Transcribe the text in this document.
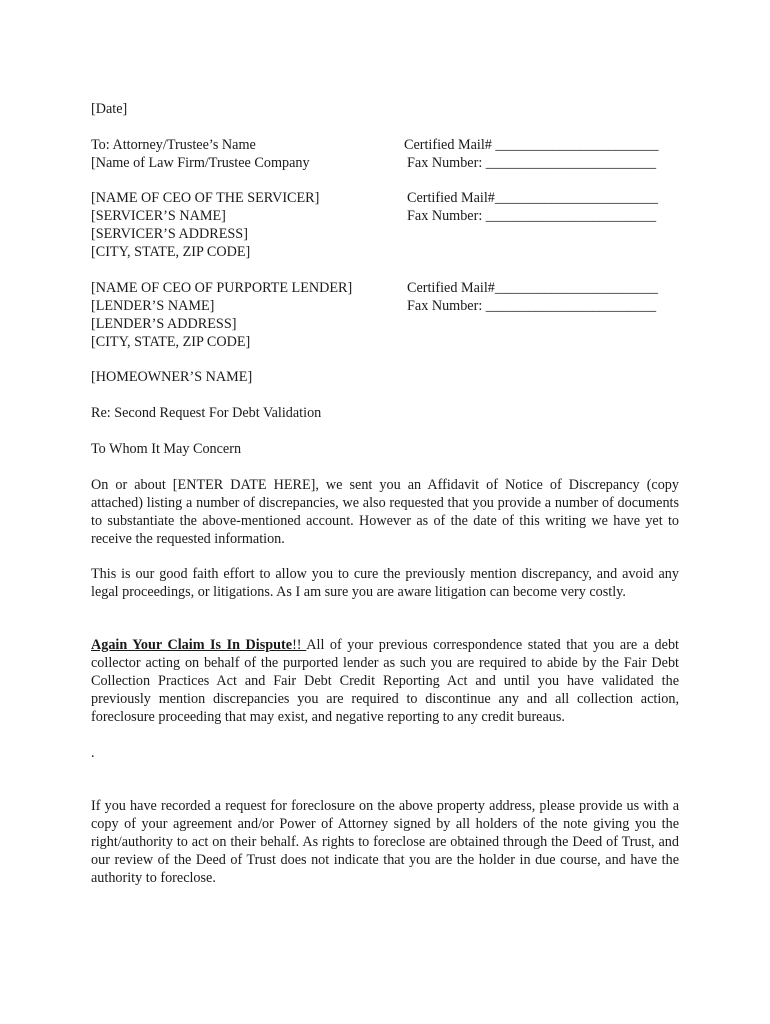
[Date]
To: Attorney/Trustee’s Name
[Name of Law Firm/Trustee Company
Certified Mail# _______________________
Fax Number: ________________________
[NAME OF CEO OF THE SERVICER]
[SERVICER’S NAME]
[SERVICER’S ADDRESS]
[CITY, STATE, ZIP CODE]
Certified Mail#_______________________
Fax Number: ________________________
[NAME OF CEO OF PURPORTE LENDER]
[LENDER’S NAME]
[LENDER’S ADDRESS]
[CITY, STATE, ZIP CODE]
Certified Mail#_______________________
Fax Number: ________________________
[HOMEOWNER’S NAME]
Re: Second Request For Debt Validation
To Whom It May Concern

On or about [ENTER DATE HERE], we sent you an Affidavit of Notice of Discrepancy (copy attached) listing a number of discrepancies, we also requested that you provide a number of documents to substantiate the above-mentioned account. However as of the date of this writing we have yet to receive the requested information.

This is our good faith effort to allow you to cure the previously mention discrepancy, and avoid any legal proceedings, or litigations. As I am sure you are aware litigation can become very costly.

Again Your Claim Is In Dispute!! All of your previous correspondence stated that you are a debt collector acting on behalf of the purported lender as such you are required to abide by the Fair Debt Collection Practices Act and Fair Debt Credit Reporting Act and until you have validated the previously mention discrepancies you are required to discontinue any and all collection action, foreclosure proceeding that may exist, and negative reporting to any credit bureaus.

.

If you have recorded a request for foreclosure on the above property address, please provide us with a copy of your agreement and/or Power of Attorney signed by all holders of the note giving you the right/authority to act on their behalf. As rights to foreclose are obtained through the Deed of Trust, and our review of the Deed of Trust does not indicate that you are the holder in due course, and have the authority to foreclose.
